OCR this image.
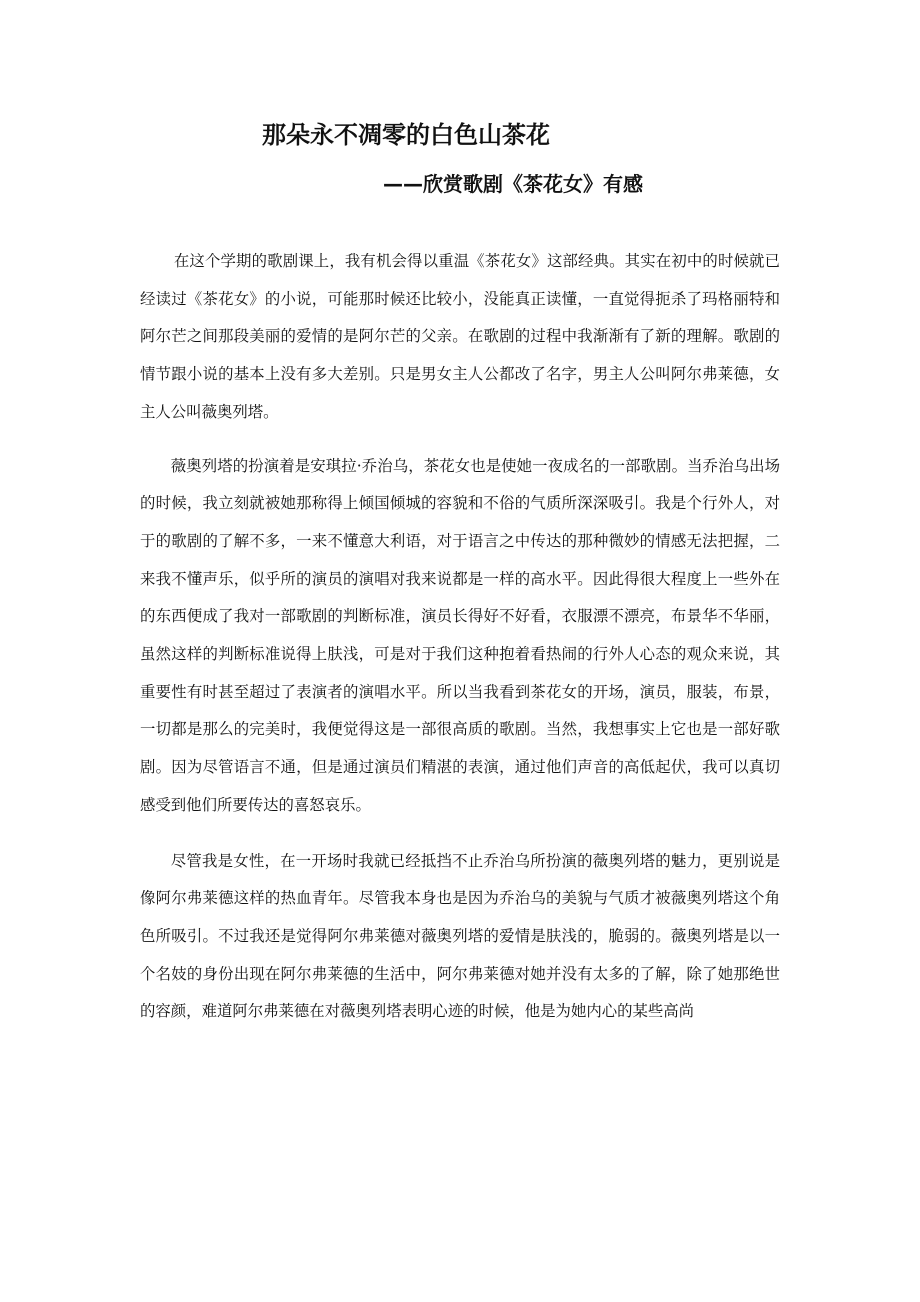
那朵永不凋零的白色山茶花
——欣赏歌剧《茶花女》有感

在这个学期的歌剧课上，我有机会得以重温《茶花女》这部经典。其实在初中的时候就已经读过《茶花女》的小说，可能那时候还比较小，没能真正读懂，一直觉得扼杀了玛格丽特和阿尔芒之间那段美丽的爱情的是阿尔芒的父亲。在歌剧的过程中我渐渐有了新的理解。歌剧的情节跟小说的基本上没有多大差别。只是男女主人公都改了名字，男主人公叫阿尔弗莱德，女主人公叫薇奥列塔。

薇奥列塔的扮演着是安琪拉·乔治乌，茶花女也是使她一夜成名的一部歌剧。当乔治乌出场的时候，我立刻就被她那称得上倾国倾城的容貌和不俗的气质所深深吸引。我是个行外人，对于的歌剧的了解不多，一来不懂意大利语，对于语言之中传达的那种微妙的情感无法把握，二来我不懂声乐，似乎所的演员的演唱对我来说都是一样的高水平。因此得很大程度上一些外在的东西便成了我对一部歌剧的判断标准，演员长得好不好看，衣服漂不漂亮，布景华不华丽，虽然这样的判断标准说得上肤浅，可是对于我们这种抱着看热闹的行外人心态的观众来说，其重要性有时甚至超过了表演者的演唱水平。所以当我看到茶花女的开场，演员，服装，布景，一切都是那么的完美时，我便觉得这是一部很高质的歌剧。当然，我想事实上它也是一部好歌剧。因为尽管语言不通，但是通过演员们精湛的表演，通过他们声音的高低起伏，我可以真切感受到他们所要传达的喜怒哀乐。

尽管我是女性，在一开场时我就已经抵挡不止乔治乌所扮演的薇奥列塔的魅力，更别说是像阿尔弗莱德这样的热血青年。尽管我本身也是因为乔治乌的美貌与气质才被薇奥列塔这个角色所吸引。不过我还是觉得阿尔弗莱德对薇奥列塔的爱情是肤浅的，脆弱的。薇奥列塔是以一个名妓的身份出现在阿尔弗莱德的生活中，阿尔弗莱德对她并没有太多的了解，除了她那绝世的容颜，难道阿尔弗莱德在对薇奥列塔表明心迹的时候，他是为她内心的某些高尚
